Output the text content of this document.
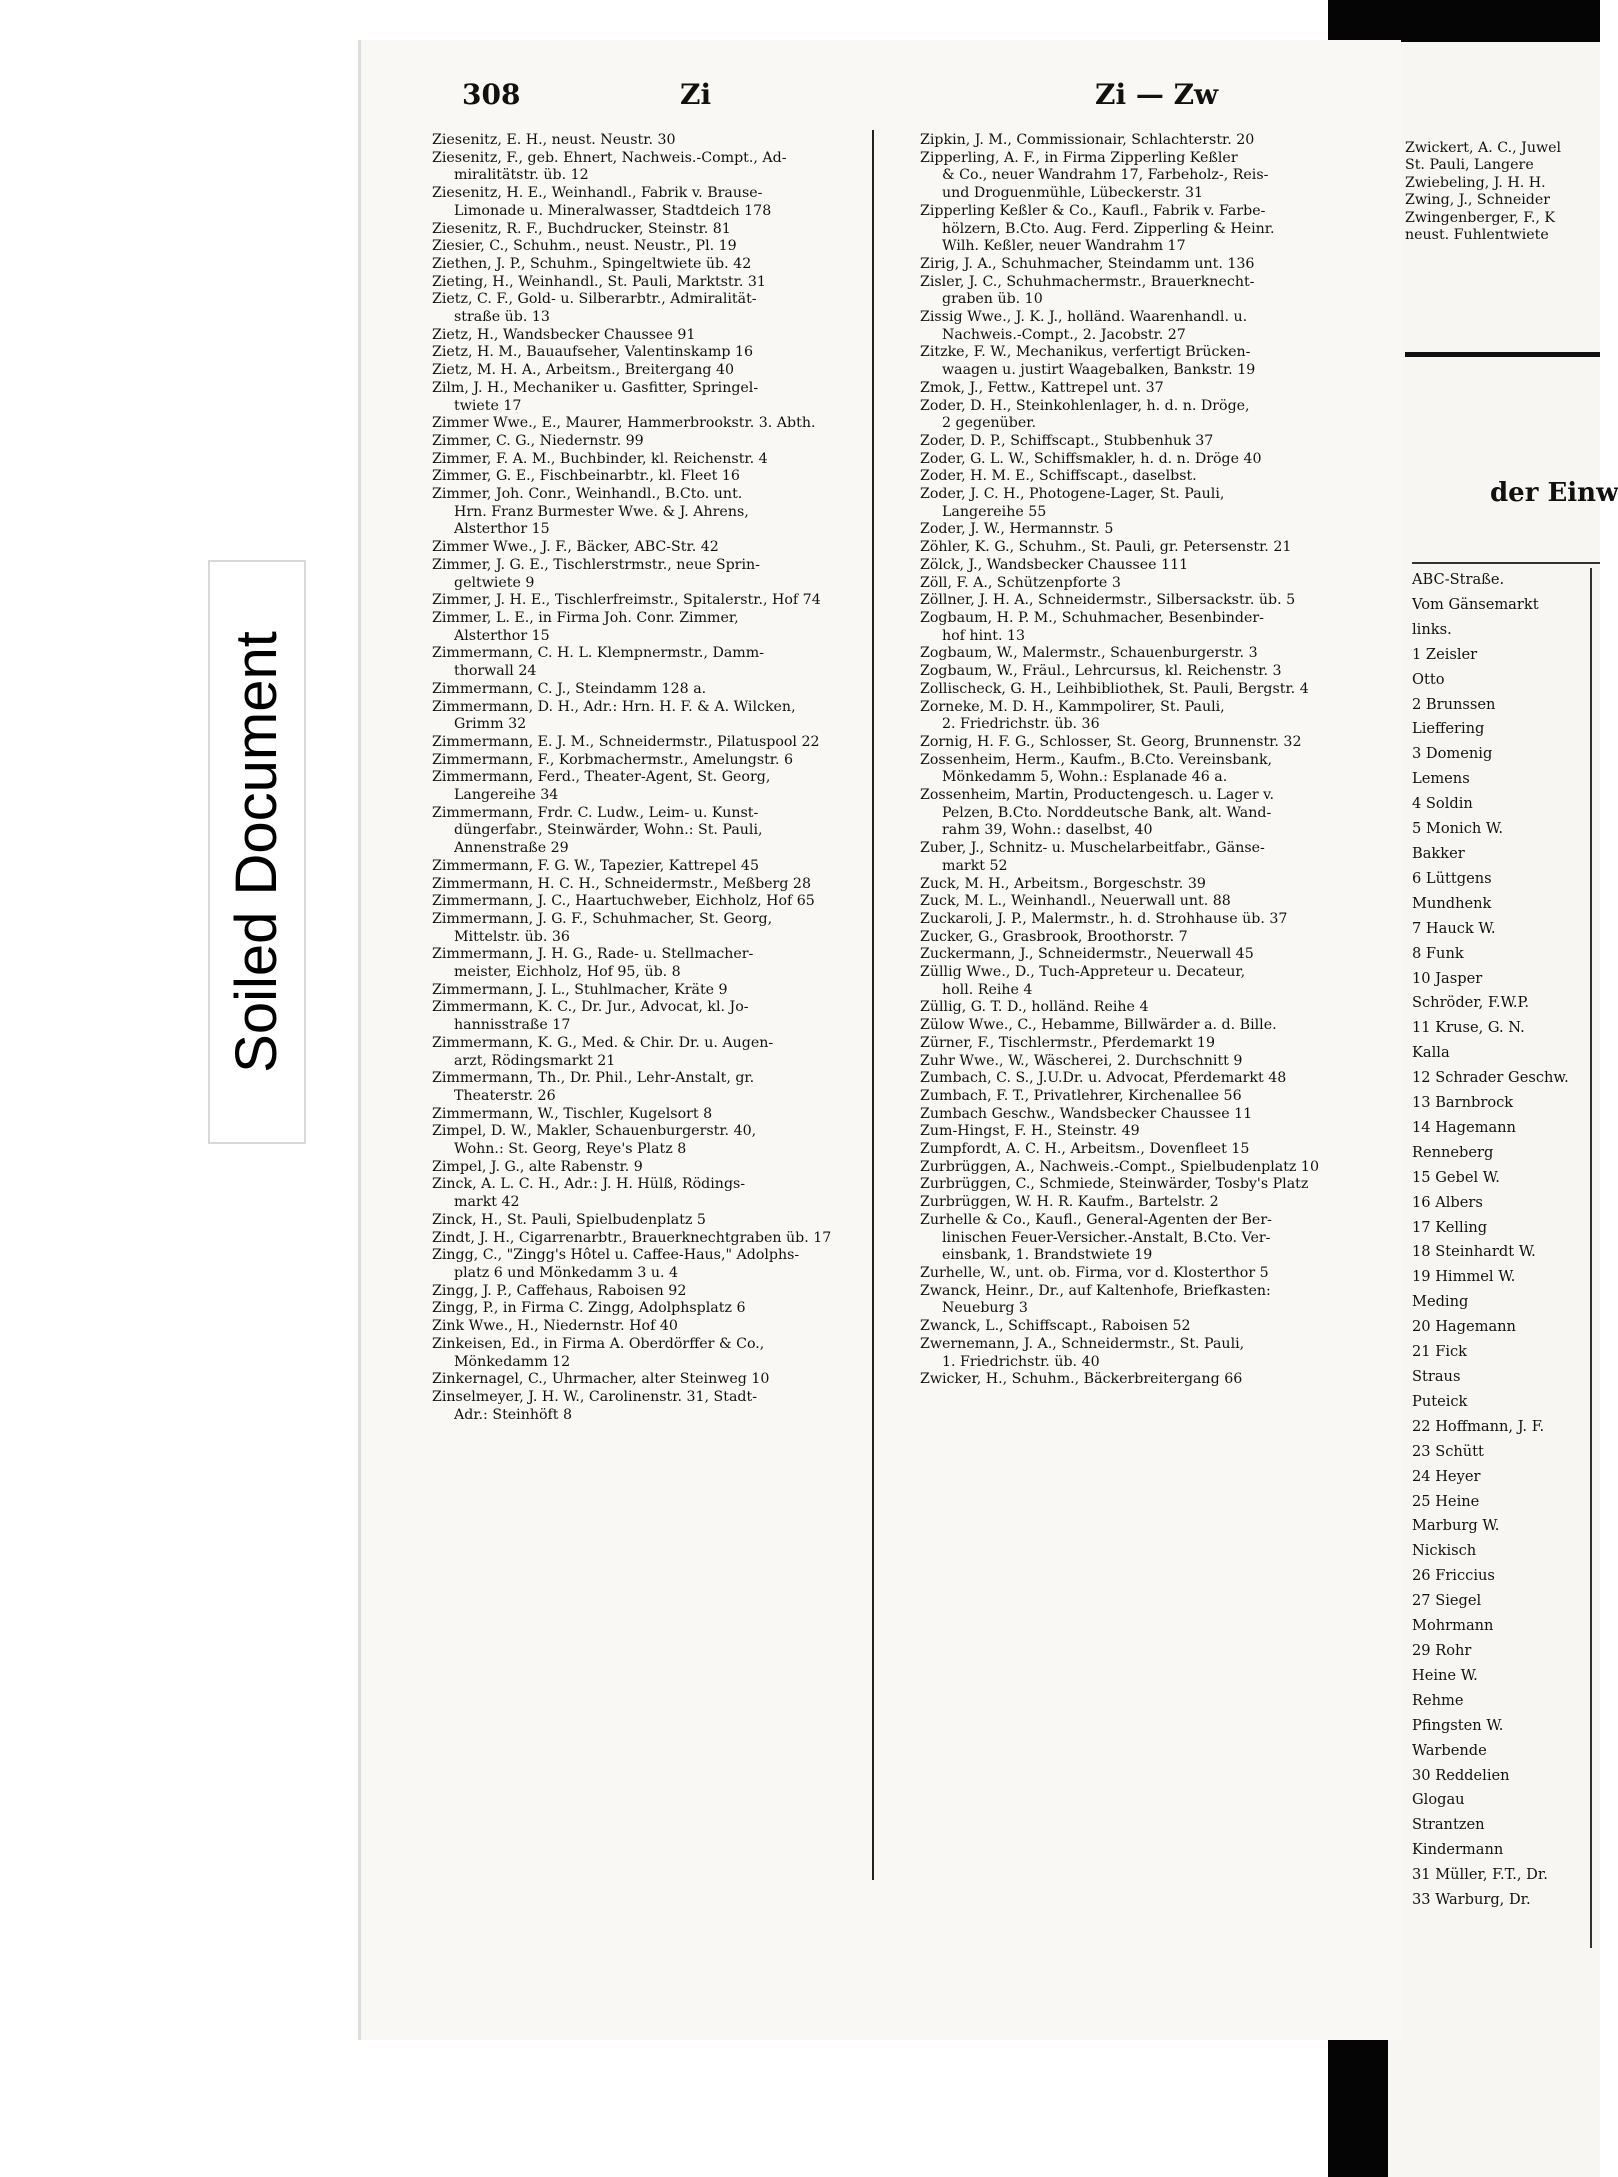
Soiled Document
308	Zi	Zi — Zw
Ziesenitz, E. H., neust. Neustr. 30
Ziesenitz, F., geb. Ehnert, Nachweis.-Compt., Ad-
miralitätstr. üb. 12
Ziesenitz, H. E., Weinhandl., Fabrik v. Brause-
Limonade u. Mineralwasser, Stadtdeich 178
Ziesenitz, R. F., Buchdrucker, Steinstr. 81
Ziesier, C., Schuhm., neust. Neustr., Pl. 19
Ziethen, J. P., Schuhm., Spingeltwiete üb. 42
Zieting, H., Weinhandl., St. Pauli, Marktstr. 31
Zietz, C. F., Gold- u. Silberarbtr., Admiralität-
straße üb. 13
Zietz, H., Wandsbecker Chaussee 91
Zietz, H. M., Bauaufseher, Valentinskamp 16
Zietz, M. H. A., Arbeitsm., Breitergang 40
Zilm, J. H., Mechaniker u. Gasfitter, Springel-
twiete 17
Zimmer Wwe., E., Maurer, Hammerbrookstr. 3. Abth.
Zimmer, C. G., Niedernstr. 99
Zimmer, F. A. M., Buchbinder, kl. Reichenstr. 4
Zimmer, G. E., Fischbeinarbtr., kl. Fleet 16
Zimmer, Joh. Conr., Weinhandl., B.Cto. unt.
Hrn. Franz Burmester Wwe. & J. Ahrens,
Alsterthor 15
Zimmer Wwe., J. F., Bäcker, ABC-Str. 42
Zimmer, J. G. E., Tischlerstrmstr., neue Sprin-
geltwiete 9
Zimmer, J. H. E., Tischlerfreimstr., Spitalerstr., Hof 74
Zimmer, L. E., in Firma Joh. Conr. Zimmer,
Alsterthor 15
Zimmermann, C. H. L. Klempnermstr., Damm-
thorwall 24
Zimmermann, C. J., Steindamm 128 a.
Zimmermann, D. H., Adr.: Hrn. H. F. & A. Wilcken,
Grimm 32
Zimmermann, E. J. M., Schneidermstr., Pilatuspool 22
Zimmermann, F., Korbmachermstr., Amelungstr. 6
Zimmermann, Ferd., Theater-Agent, St. Georg,
Langereihe 34
Zimmermann, Frdr. C. Ludw., Leim- u. Kunst-
düngerfabr., Steinwärder, Wohn.: St. Pauli,
Annenstraße 29
Zimmermann, F. G. W., Tapezier, Kattrepel 45
Zimmermann, H. C. H., Schneidermstr., Meßberg 28
Zimmermann, J. C., Haartuchweber, Eichholz, Hof 65
Zimmermann, J. G. F., Schuhmacher, St. Georg,
Mittelstr. üb. 36
Zimmermann, J. H. G., Rade- u. Stellmacher-
meister, Eichholz, Hof 95, üb. 8
Zimmermann, J. L., Stuhlmacher, Kräte 9
Zimmermann, K. C., Dr. Jur., Advocat, kl. Jo-
hannisstraße 17
Zimmermann, K. G., Med. & Chir. Dr. u. Augen-
arzt, Rödingsmarkt 21
Zimmermann, Th., Dr. Phil., Lehr-Anstalt, gr.
Theaterstr. 26
Zimmermann, W., Tischler, Kugelsort 8
Zimpel, D. W., Makler, Schauenburgerstr. 40,
Wohn.: St. Georg, Reye's Platz 8
Zimpel, J. G., alte Rabenstr. 9
Zinck, A. L. C. H., Adr.: J. H. Hülß, Rödings-
markt 42
Zinck, H., St. Pauli, Spielbudenplatz 5
Zindt, J. H., Cigarrenarbtr., Brauerknechtgraben üb. 17
Zingg, C., "Zingg's Hôtel u. Caffee-Haus," Adolphs-
platz 6 und Mönkedamm 3 u. 4
Zingg, J. P., Caffehaus, Raboisen 92
Zingg, P., in Firma C. Zingg, Adolphsplatz 6
Zink Wwe., H., Niedernstr. Hof 40
Zinkeisen, Ed., in Firma A. Oberdörffer & Co.,
Mönkedamm 12
Zinkernagel, C., Uhrmacher, alter Steinweg 10
Zinselmeyer, J. H. W., Carolinenstr. 31, Stadt-
Adr.: Steinhöft 8
Zipkin, J. M., Commissionair, Schlachterstr. 20
Zipperling, A. F., in Firma Zipperling Keßler
& Co., neuer Wandrahm 17, Farbeholz-, Reis-
und Droguenmühle, Lübeckerstr. 31
Zipperling Keßler & Co., Kaufl., Fabrik v. Farbe-
hölzern, B.Cto. Aug. Ferd. Zipperling & Heinr.
Wilh. Keßler, neuer Wandrahm 17
Zirig, J. A., Schuhmacher, Steindamm unt. 136
Zisler, J. C., Schuhmachermstr., Brauerknecht-
graben üb. 10
Zissig Wwe., J. K. J., holländ. Waarenhandl. u.
Nachweis.-Compt., 2. Jacobstr. 27
Zitzke, F. W., Mechanikus, verfertigt Brücken-
waagen u. justirt Waagebalken, Bankstr. 19
Zmok, J., Fettw., Kattrepel unt. 37
Zoder, D. H., Steinkohlenlager, h. d. n. Dröge,
2 gegenüber.
Zoder, D. P., Schiffscapt., Stubbenhuk 37
Zoder, G. L. W., Schiffsmakler, h. d. n. Dröge 40
Zoder, H. M. E., Schiffscapt., daselbst.
Zoder, J. C. H., Photogene-Lager, St. Pauli,
Langereihe 55
Zoder, J. W., Hermannstr. 5
Zöhler, K. G., Schuhm., St. Pauli, gr. Petersenstr. 21
Zölck, J., Wandsbecker Chaussee 111
Zöll, F. A., Schützenpforte 3
Zöllner, J. H. A., Schneidermstr., Silbersackstr. üb. 5
Zogbaum, H. P. M., Schuhmacher, Besenbinder-
hof hint. 13
Zogbaum, W., Malermstr., Schauenburgerstr. 3
Zogbaum, W., Fräul., Lehrcursus, kl. Reichenstr. 3
Zollischeck, G. H., Leihbibliothek, St. Pauli, Bergstr. 4
Zorneke, M. D. H., Kammpolirer, St. Pauli,
2. Friedrichstr. üb. 36
Zornig, H. F. G., Schlosser, St. Georg, Brunnenstr. 32
Zossenheim, Herm., Kaufm., B.Cto. Vereinsbank,
Mönkedamm 5, Wohn.: Esplanade 46 a.
Zossenheim, Martin, Productengesch. u. Lager v.
Pelzen, B.Cto. Norddeutsche Bank, alt. Wand-
rahm 39, Wohn.: daselbst, 40
Zuber, J., Schnitz- u. Muschelarbeitfabr., Gänse-
markt 52
Zuck, M. H., Arbeitsm., Borgeschstr. 39
Zuck, M. L., Weinhandl., Neuerwall unt. 88
Zuckaroli, J. P., Malermstr., h. d. Strohhause üb. 37
Zucker, G., Grasbrook, Broothorstr. 7
Zuckermann, J., Schneidermstr., Neuerwall 45
Züllig Wwe., D., Tuch-Appreteur u. Decateur,
holl. Reihe 4
Züllig, G. T. D., holländ. Reihe 4
Zülow Wwe., C., Hebamme, Billwärder a. d. Bille.
Zürner, F., Tischlermstr., Pferdemarkt 19
Zuhr Wwe., W., Wäscherei, 2. Durchschnitt 9
Zumbach, C. S., J.U.Dr. u. Advocat, Pferdemarkt 48
Zumbach, F. T., Privatlehrer, Kirchenallee 56
Zumbach Geschw., Wandsbecker Chaussee 11
Zum-Hingst, F. H., Steinstr. 49
Zumpfordt, A. C. H., Arbeitsm., Dovenfleet 15
Zurbrüggen, A., Nachweis.-Compt., Spielbudenplatz 10
Zurbrüggen, C., Schmiede, Steinwärder, Tosby's Platz
Zurbrüggen, W. H. R. Kaufm., Bartelstr. 2
Zurhelle & Co., Kaufl., General-Agenten der Ber-
linischen Feuer-Versicher.-Anstalt, B.Cto. Ver-
einsbank, 1. Brandstwiete 19
Zurhelle, W., unt. ob. Firma, vor d. Klosterthor 5
Zwanck, Heinr., Dr., auf Kaltenhofe, Briefkasten:
Neueburg 3
Zwanck, L., Schiffscapt., Raboisen 52
Zwernemann, J. A., Schneidermstr., St. Pauli,
1. Friedrichstr. üb. 40
Zwicker, H., Schuhm., Bäckerbreitergang 66
Zwickert, A. C., Juwel
St. Pauli, Langere
Zwiebeling, J. H. H.
Zwing, J., Schneider
Zwingenberger, F., K
neust. Fuhlentwiete
der Einw
ABC-Straße.
Vom Gänsemarkt
links.
1 Zeisler
Otto
2 Brunssen
Lieffering
3 Domenig
Lemens
4 Soldin
5 Monich W.
Bakker
6 Lüttgens
Mundhenk
7 Hauck W.
8 Funk
10 Jasper
Schröder, F.W.P.
11 Kruse, G. N.
Kalla
12 Schrader Geschw.
13 Barnbrock
14 Hagemann
Renneberg
15 Gebel W.
16 Albers
17 Kelling
18 Steinhardt W.
19 Himmel W.
Meding
20 Hagemann
21 Fick
Straus
Puteick
22 Hoffmann, J. F.
23 Schütt
24 Heyer
25 Heine
Marburg W.
Nickisch
26 Friccius
27 Siegel
Mohrmann
29 Rohr
Heine W.
Rehme
Pfingsten W.
Warbende
30 Reddelien
Glogau
Strantzen
Kindermann
31 Müller, F.T., Dr.
33 Warburg, Dr.
